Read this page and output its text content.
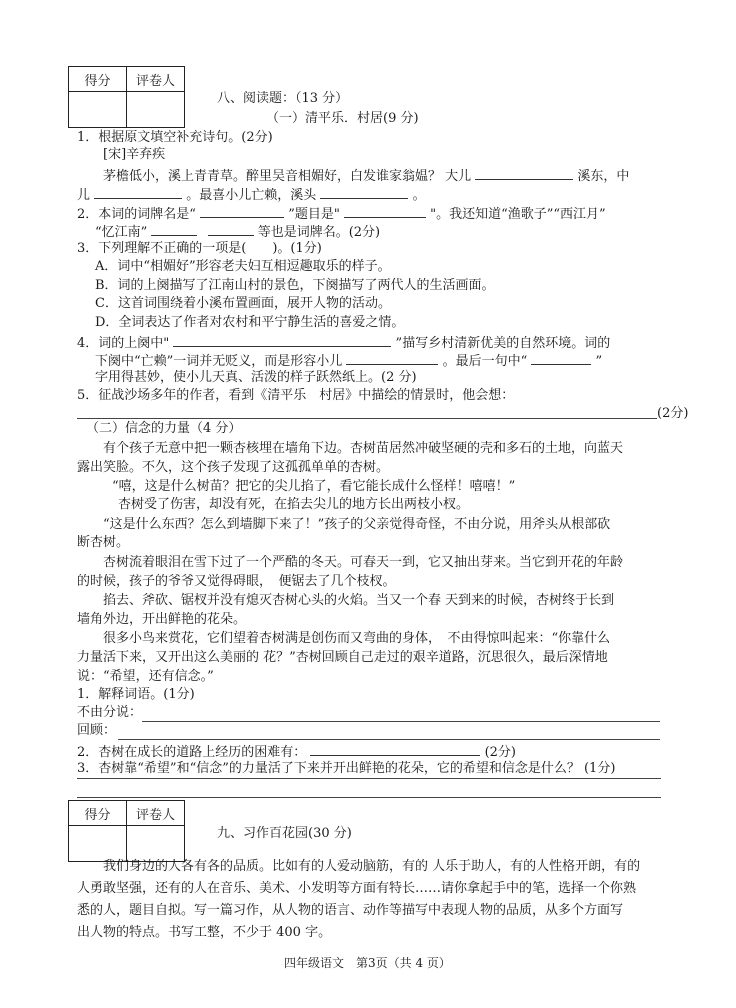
得分	评卷人

八、阅读题：（13 分）
（一）清平乐．村居(9 分)
1．根据原文填空补充诗句。(2分)
[宋]辛弃疾
茅檐低小，溪上青青草。醉里吴音相媚好，白发谁家翁媪？ 大儿	溪东，中
儿	。最喜小儿亡赖，溪头	。
2．本词的词牌名是“	”题目是"	"。我还知道“渔歌子”“西江月”
“忆江南”	等也是词牌名。(2分)
3．下列理解不正确的一项是(　　)。(1分)
A．词中“相媚好”形容老夫妇互相逗趣取乐的样子。
B．词的上阕描写了江南山村的景色，下阕描写了两代人的生活画面。
C．这首词围绕着小溪布置画面，展开人物的活动。
D．全词表达了作者对农村和平宁静生活的喜爱之情。
4．词的上阕中"	”描写乡村清新优美的自然环境。词的
下阕中“亡赖”一词并无贬义，而是形容小儿	。最后一句中“	”
字用得甚妙，使小儿天真、活泼的样子跃然纸上。(2 分)
5．征战沙场多年的作者，看到《清平乐　村居》中描绘的情景时，他会想：
(2分)
（二）信念的力量（4 分）
有个孩子无意中把一颗杏核埋在墙角下边。杏树苗居然冲破坚硬的壳和多石的土地，向蓝天
露出笑脸。不久，这个孩子发现了这孤孤单单的杏树。
“嘻，这是什么树苗？把它的尖儿掐了，看它能长成什么怪样！嘻嘻！”
杏树受了伤害，却没有死，在掐去尖儿的地方长出两枝小杈。
“这是什么东西？怎么到墙脚下来了！”孩子的父亲觉得奇怪，不由分说，用斧头从根部砍
断杏树。
杏树流着眼泪在雪下过了一个严酷的冬天。可春天一到，它又抽出芽来。当它到开花的年龄
的时候，孩子的爷爷又觉得碍眼，　便锯去了几个枝杈。
掐去、斧砍、锯杈并没有熄灭杏树心头的火焰。当又一个春 天到来的时候，杏树终于长到
墙角外边，开出鲜艳的花朵。
很多小鸟来赏花，它们望着杏树满是创伤而又弯曲的身体，　不由得惊叫起来：“你靠什么
力量活下来，又开出这么美丽的 花？”杏树回顾自己走过的艰辛道路，沉思很久，最后深情地
说：“希望，还有信念。”
1．解释词语。(1分)
不由分说：
回顾：
2．杏树在成长的道路上经历的困难有：	(2分)
3．杏树靠“希望”和“信念”的力量活了下来并开出鲜艳的花朵，它的希望和信念是什么？ (1分)
得分	评卷人

九、习作百花园(30 分)
我们身边的人各有各的品质。比如有的人爱动脑筋，有的 人乐于助人，有的人性格开朗，有的
人勇敢坚强，还有的人在音乐、美术、小发明等方面有特长……请你拿起手中的笔，选择一个你熟
悉的人，题目自拟。写一篇习作，从人物的语言、动作等描写中表现人物的品质，从多个方面写
出人物的特点。书写工整，不少于 400 字。
四年级语文　第3页（共 4 页）
